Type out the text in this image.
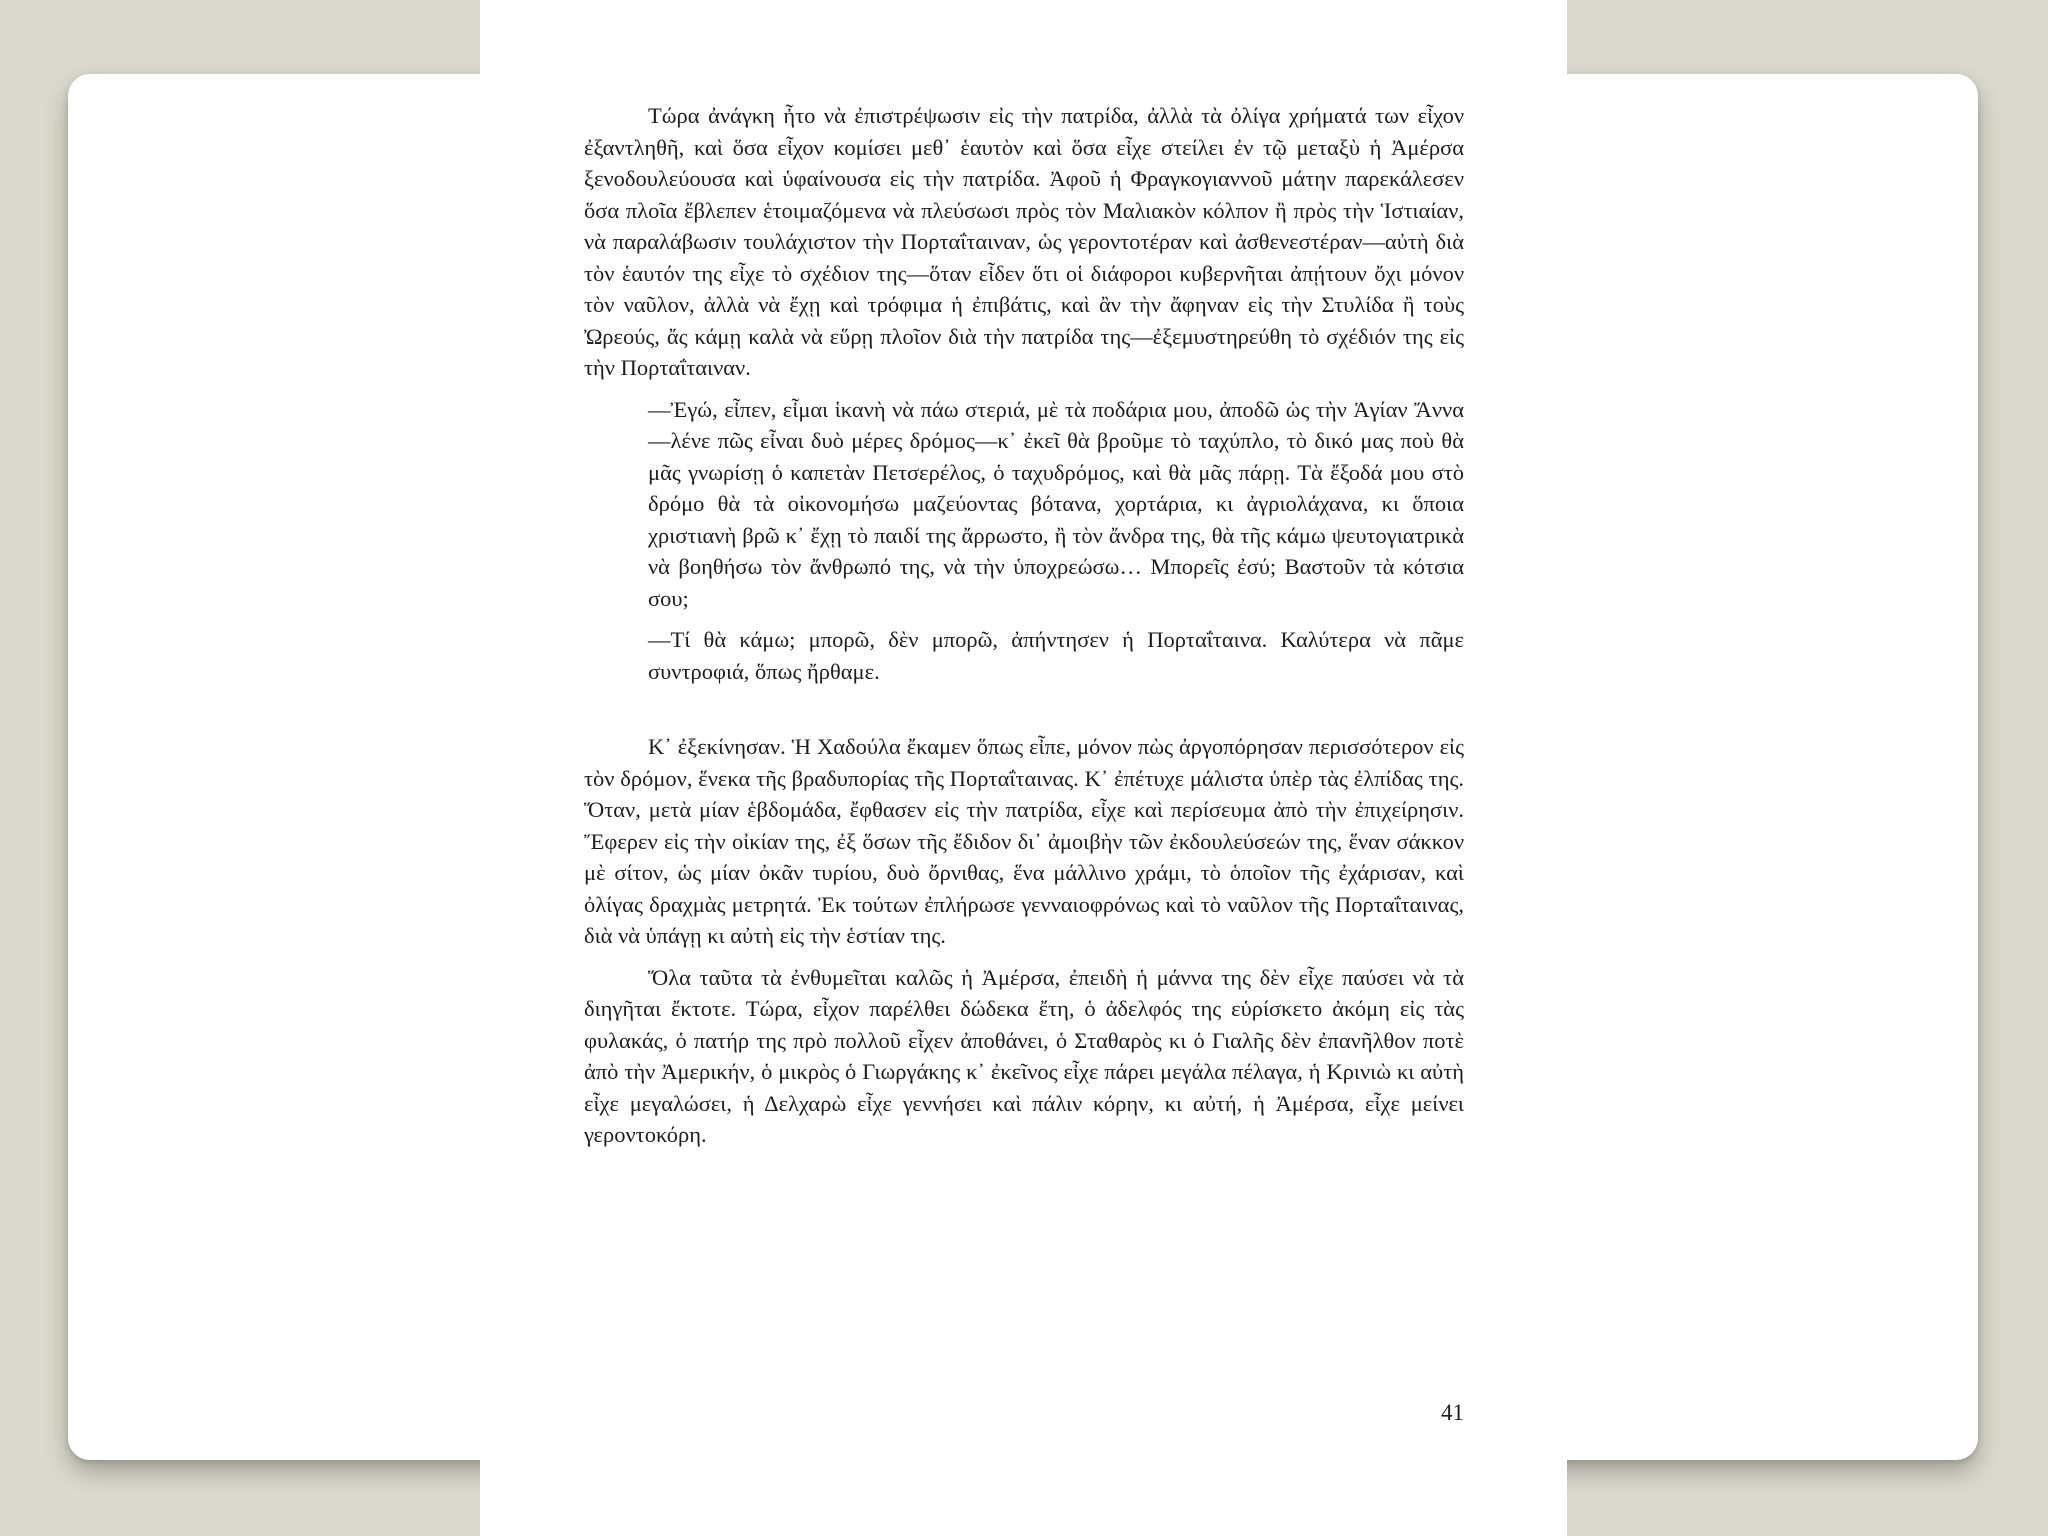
Τώρα ἀνάγκη ἦτο νὰ ἐπιστρέψωσιν εἰς τὴν πατρίδα, ἀλλὰ τὰ ὀλίγα χρήματά των εἶχον ἐξαντληθῆ, καὶ ὅσα εἶχον κομίσει μεθ᾽ ἑαυτὸν καὶ ὅσα εἶχε στείλει ἐν τῷ μεταξὺ ἡ Ἀμέρσα ξενοδουλεύουσα καὶ ὑφαίνουσα εἰς τὴν πατρίδα. Ἀφοῦ ἡ Φραγκογιαννοῦ μάτην παρεκάλεσεν ὅσα πλοῖα ἔβλεπεν ἑτοιμαζόμενα νὰ πλεύσωσι πρὸς τὸν Μαλιακὸν κόλπον ἢ πρὸς τὴν Ἱστιαίαν, νὰ παραλάβωσιν τουλάχιστον τὴν Πορταΐταιναν, ὡς γεροντοτέραν καὶ ἀσθενεστέραν—αὐτὴ διὰ τὸν ἑαυτόν της εἶχε τὸ σχέδιον της—ὅταν εἶδεν ὅτι οἱ διάφοροι κυβερνῆται ἀπῄτουν ὄχι μόνον τὸν ναῦλον, ἀλλὰ νὰ ἔχῃ καὶ τρόφιμα ἡ ἐπιβάτις, καὶ ἂν τὴν ἄφηναν εἰς τὴν Στυλίδα ἢ τοὺς Ὠρεούς, ἄς κάμῃ καλὰ νὰ εὕρῃ πλοῖον διὰ τὴν πατρίδα της—ἐξεμυστηρεύθη τὸ σχέδιόν της εἰς τὴν Πορταΐταιναν.

—Ἐγώ, εἶπεν, εἶμαι ἱκανὴ νὰ πάω στεριά, μὲ τὰ ποδάρια μου, ἀποδῶ ὡς τὴν Ἁγίαν Ἄννα—λένε πῶς εἶναι δυὸ μέρες δρόμος—κ᾽ ἐκεῖ θὰ βροῦμε τὸ ταχύπλο, τὸ δικό μας ποὺ θὰ μᾶς γνωρίσῃ ὁ καπετὰν Πετσερέλος, ὁ ταχυδρόμος, καὶ θὰ μᾶς πάρῃ. Τὰ ἔξοδά μου στὸ δρόμο θὰ τὰ οἰκονομήσω μαζεύοντας βότανα, χορτάρια, κι ἀγριολάχανα, κι ὅποια χριστιανὴ βρῶ κ᾽ ἔχῃ τὸ παιδί της ἄρρωστο, ἢ τὸν ἄνδρα της, θὰ τῆς κάμω ψευτογιατρικὰ νὰ βοηθήσω τὸν ἄνθρωπό της, νὰ τὴν ὑποχρεώσω… Μπορεῖς ἐσύ; Βαστοῦν τὰ κότσια σου;

—Τί θὰ κάμω; μπορῶ, δὲν μπορῶ, ἀπήντησεν ἡ Πορταΐταινα. Καλύτερα νὰ πᾶμε συντροφιά, ὅπως ἤρθαμε.

Κ᾽ ἐξεκίνησαν. Ἡ Χαδούλα ἔκαμεν ὅπως εἶπε, μόνον πὼς ἀργοπόρησαν περισσότερον εἰς τὸν δρόμον, ἕνεκα τῆς βραδυπορίας τῆς Πορταΐταινας. Κ᾽ ἐπέτυχε μάλιστα ὑπὲρ τὰς ἐλπίδας της. Ὅταν, μετὰ μίαν ἑβδομάδα, ἔφθασεν εἰς τὴν πατρίδα, εἶχε καὶ περίσευμα ἀπὸ τὴν ἐπιχείρησιν. Ἔφερεν εἰς τὴν οἰκίαν της, ἐξ ὅσων τῆς ἔδιδον δι᾽ ἀμοιβὴν τῶν ἐκδουλεύσεών της, ἕναν σάκκον μὲ σίτον, ὡς μίαν ὀκᾶν τυρίου, δυὸ ὄρνιθας, ἕνα μάλλινο χράμι, τὸ ὁποῖον τῆς ἐχάρισαν, καὶ ὀλίγας δραχμὰς μετρητά. Ἐκ τούτων ἐπλήρωσε γενναιοφρόνως καὶ τὸ ναῦλον τῆς Πορταΐταινας, διὰ νὰ ὑπάγῃ κι αὐτὴ εἰς τὴν ἑστίαν της.

Ὅλα ταῦτα τὰ ἐνθυμεῖται καλῶς ἡ Ἀμέρσα, ἐπειδὴ ἡ μάννα της δὲν εἶχε παύσει νὰ τὰ διηγῆται ἔκτοτε. Τώρα, εἶχον παρέλθει δώδεκα ἔτη, ὁ ἀδελφός της εὑρίσκετο ἀκόμη εἰς τὰς φυλακάς, ὁ πατήρ της πρὸ πολλοῦ εἶχεν ἀποθάνει, ὁ Σταθαρὸς κι ὁ Γιαλῆς δὲν ἐπανῆλθον ποτὲ ἀπὸ τὴν Ἀμερικήν, ὁ μικρὸς ὁ Γιωργάκης κ᾽ ἐκεῖνος εἶχε πάρει μεγάλα πέλαγα, ἡ Κρινιὼ κι αὐτὴ εἶχε μεγαλώσει, ἡ Δελχαρὼ εἶχε γεννήσει καὶ πάλιν κόρην, κι αὐτή, ἡ Ἀμέρσα, εἶχε μείνει γεροντοκόρη.

41
